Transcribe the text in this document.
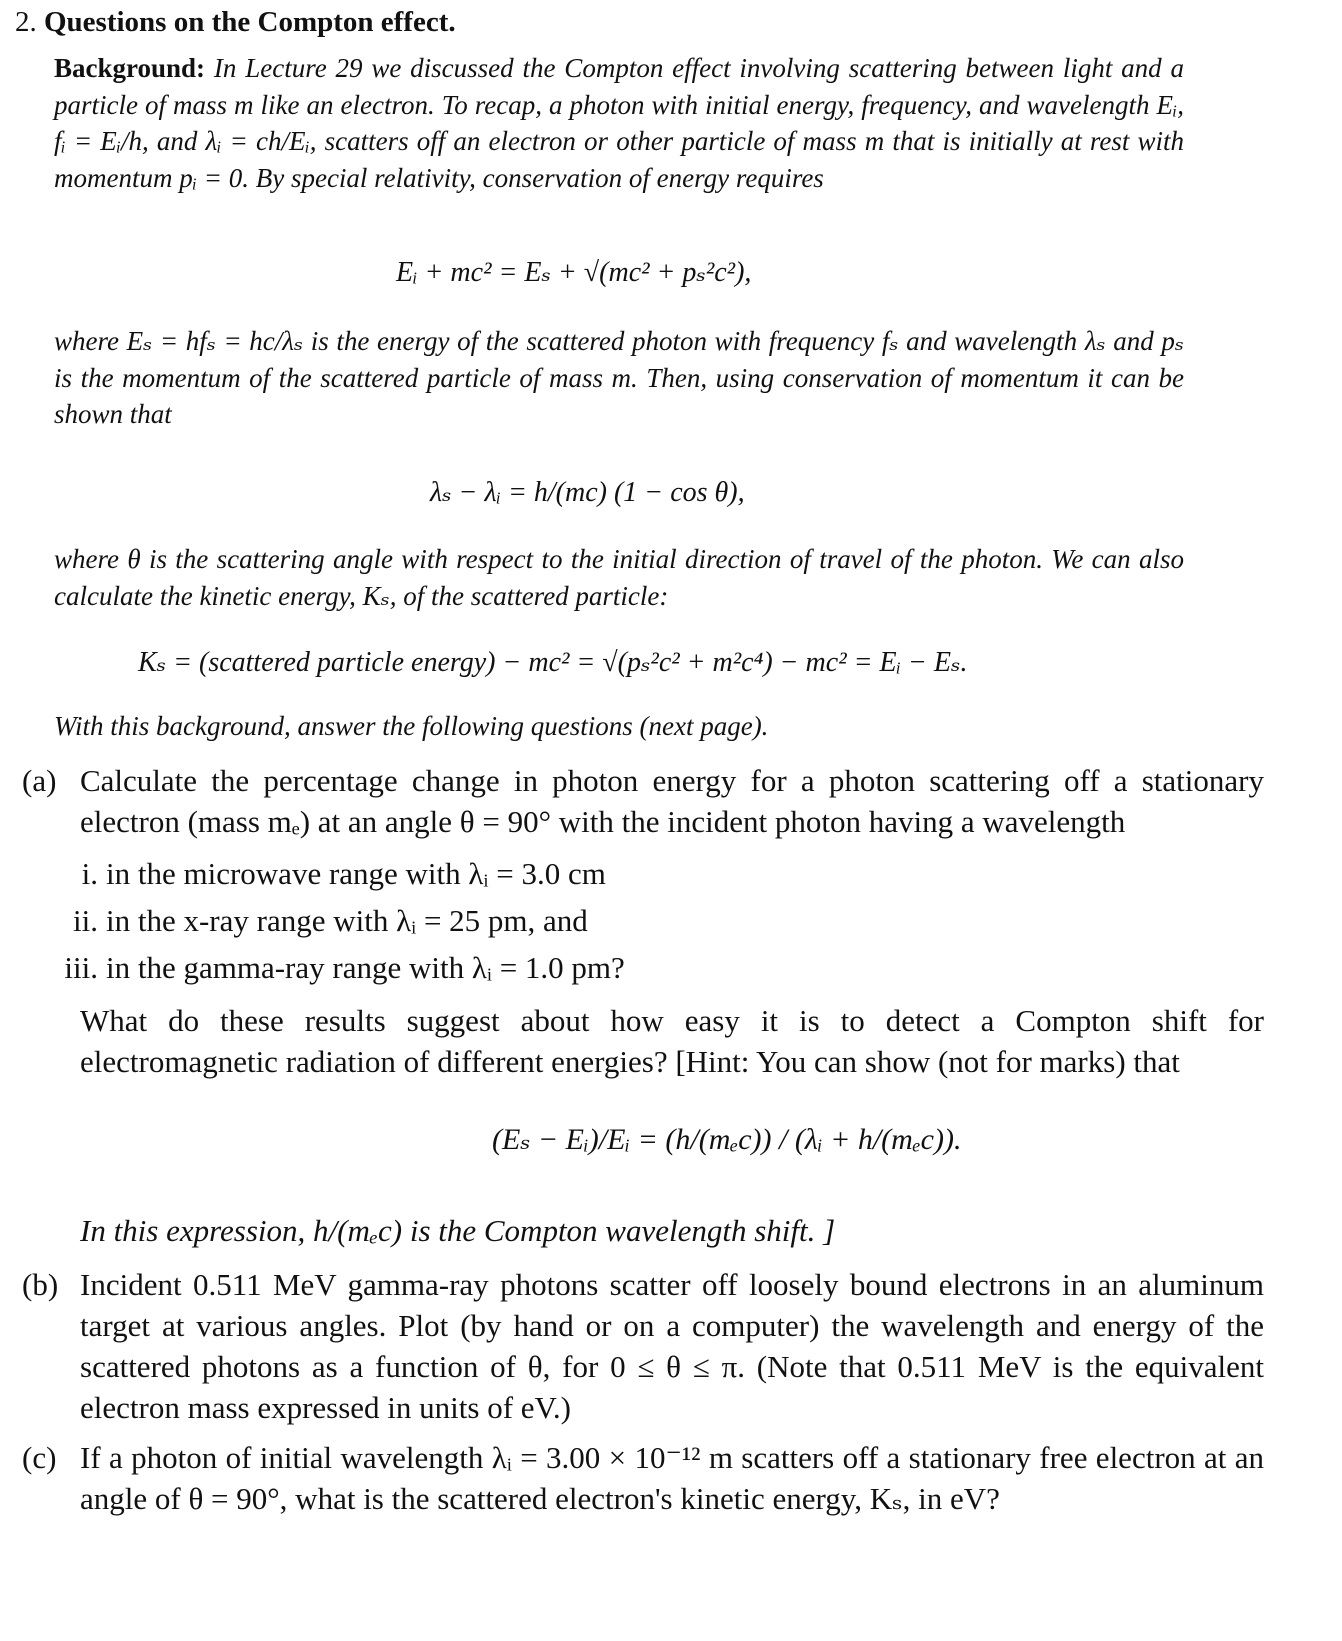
2. Questions on the Compton effect.
Background: In Lecture 29 we discussed the Compton effect involving scattering between light and a particle of mass m like an electron. To recap, a photon with initial energy, frequency, and wavelength Eᵢ, fᵢ = Eᵢ/h, and λᵢ = ch/Eᵢ, scatters off an electron or other particle of mass m that is initially at rest with momentum pᵢ = 0. By special relativity, conservation of energy requires
Eᵢ + mc² = Eₛ + √(mc² + pₛ²c²),
where Eₛ = hfₛ = hc/λₛ is the energy of the scattered photon with frequency fₛ and wavelength λₛ and pₛ is the momentum of the scattered particle of mass m. Then, using conservation of momentum it can be shown that
λₛ − λᵢ = h/(mc) (1 − cos θ),
where θ is the scattering angle with respect to the initial direction of travel of the photon. We can also calculate the kinetic energy, Kₛ, of the scattered particle:
Kₛ = (scattered particle energy) − mc² = √(pₛ²c² + m²c⁴) − mc² = Eᵢ − Eₛ.
With this background, answer the following questions (next page).
(a) Calculate the percentage change in photon energy for a photon scattering off a stationary electron (mass mₑ) at an angle θ = 90° with the incident photon having a wavelength
i. in the microwave range with λᵢ = 3.0 cm
ii. in the x-ray range with λᵢ = 25 pm, and
iii. in the gamma-ray range with λᵢ = 1.0 pm?
What do these results suggest about how easy it is to detect a Compton shift for electromagnetic radiation of different energies? [Hint: You can show (not for marks) that
(Eₛ − Eᵢ)/Eᵢ = (h/(mₑc)) / (λᵢ + h/(mₑc)).
In this expression, h/(mₑc) is the Compton wavelength shift. ]
(b) Incident 0.511 MeV gamma-ray photons scatter off loosely bound electrons in an aluminum target at various angles. Plot (by hand or on a computer) the wavelength and energy of the scattered photons as a function of θ, for 0 ≤ θ ≤ π. (Note that 0.511 MeV is the equivalent electron mass expressed in units of eV.)
(c) If a photon of initial wavelength λᵢ = 3.00 × 10⁻¹² m scatters off a stationary free electron at an angle of θ = 90°, what is the scattered electron's kinetic energy, Kₛ, in eV?
